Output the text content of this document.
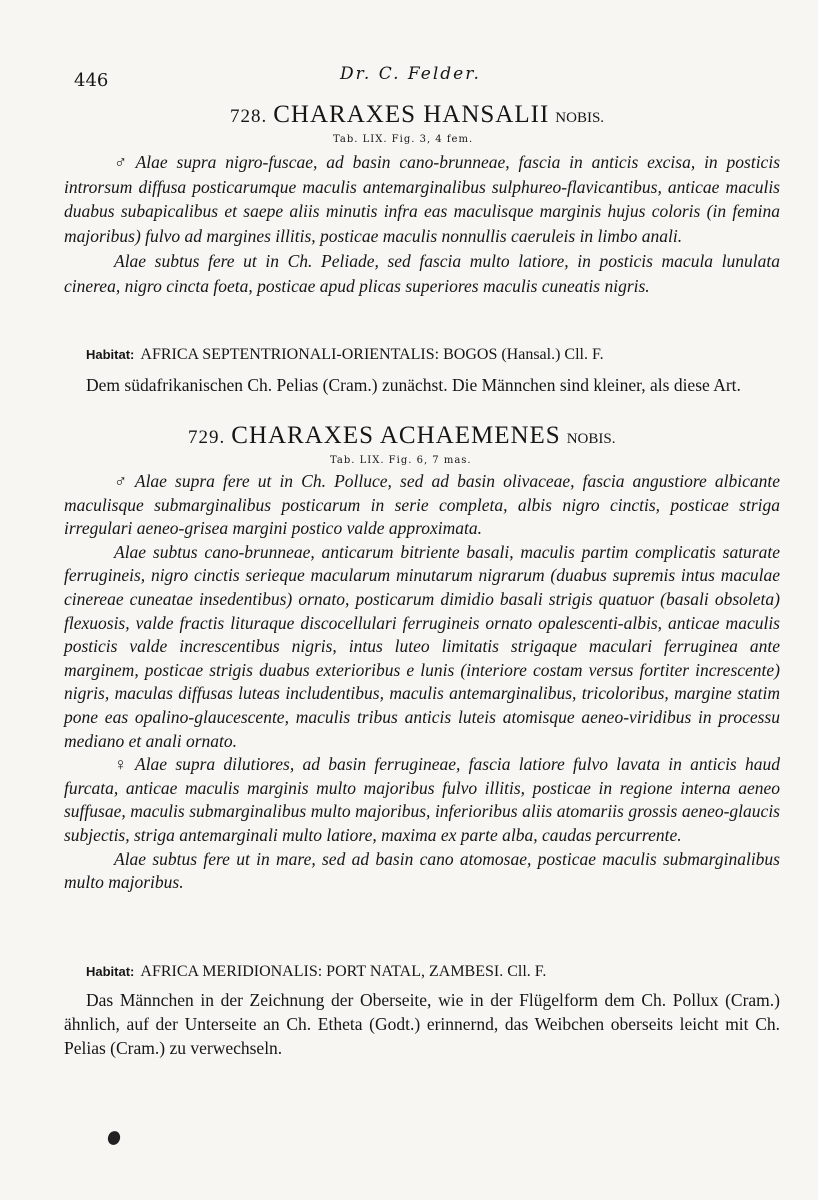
446	Dr. C. Felder.
728. CHARAXES HANSALII NOBIS.
Tab. LIX. Fig. 3, 4 fem.

♂ Alae supra nigro-fuscae, ad basin cano-brunneae, fascia in anticis excisa, in posticis introrsum diffusa posticarumque maculis antemarginalibus sulphureo-flavicantibus, anticae maculis duabus subapicalibus et saepe aliis minutis infra eas maculisque marginis hujus coloris (in femina majoribus) fulvo ad margines illitis, posticae maculis nonnullis caeruleis in limbo anali.

Alae subtus fere ut in Ch. Peliade, sed fascia multo latiore, in posticis macula lunulata cinerea, nigro cincta foeta, posticae apud plicas superiores maculis cuneatis nigris.

Habitat: AFRICA SEPTENTRIONALI-ORIENTALIS: BOGOS (Hansal.) Cll. F.

Dem südafrikanischen Ch. Pelias (Cram.) zunächst. Die Männchen sind kleiner, als diese Art.

729. CHARAXES ACHAEMENES NOBIS.
Tab. LIX. Fig. 6, 7 mas.

♂ Alae supra fere ut in Ch. Polluce, sed ad basin olivaceae, fascia angustiore albicante maculisque submarginalibus posticarum in serie completa, albis nigro cinctis, posticae striga irregulari aeneo-grisea margini postico valde approximata.

Alae subtus cano-brunneae, anticarum bitriente basali, maculis partim complicatis saturate ferrugineis, nigro cinctis serieque macularum minutarum nigrarum (duabus supremis intus maculae cinereae cuneatae insedentibus) ornato, posticarum dimidio basali strigis quatuor (basali obsoleta) flexuosis, valde fractis lituraque discocellulari ferrugineis ornato opalescenti-albis, anticae maculis posticis valde increscentibus nigris, intus luteo limitatis strigaque maculari ferruginea ante marginem, posticae strigis duabus exterioribus e lunis (interiore costam versus fortiter increscente) nigris, maculas diffusas luteas includentibus, maculis antemarginalibus, tricoloribus, margine statim pone eas opalino-glaucescente, maculis tribus anticis luteis atomisque aeneo-viridibus in processu mediano et anali ornato.

♀ Alae supra dilutiores, ad basin ferrugineae, fascia latiore fulvo lavata in anticis haud furcata, anticae maculis marginis multo majoribus fulvo illitis, posticae in regione interna aeneo suffusae, maculis submarginalibus multo majoribus, inferioribus aliis atomariis grossis aeneo-glaucis subjectis, striga antemarginali multo latiore, maxima ex parte alba, caudas percurrente.

Alae subtus fere ut in mare, sed ad basin cano atomosae, posticae maculis submarginalibus multo majoribus.

Habitat: AFRICA MERIDIONALIS: PORT NATAL, ZAMBESI. Cll. F.

Das Männchen in der Zeichnung der Oberseite, wie in der Flügelform dem Ch. Pollux (Cram.) ähnlich, auf der Unterseite an Ch. Etheta (Godt.) erinnernd, das Weibchen oberseits leicht mit Ch. Pelias (Cram.) zu verwechseln.
